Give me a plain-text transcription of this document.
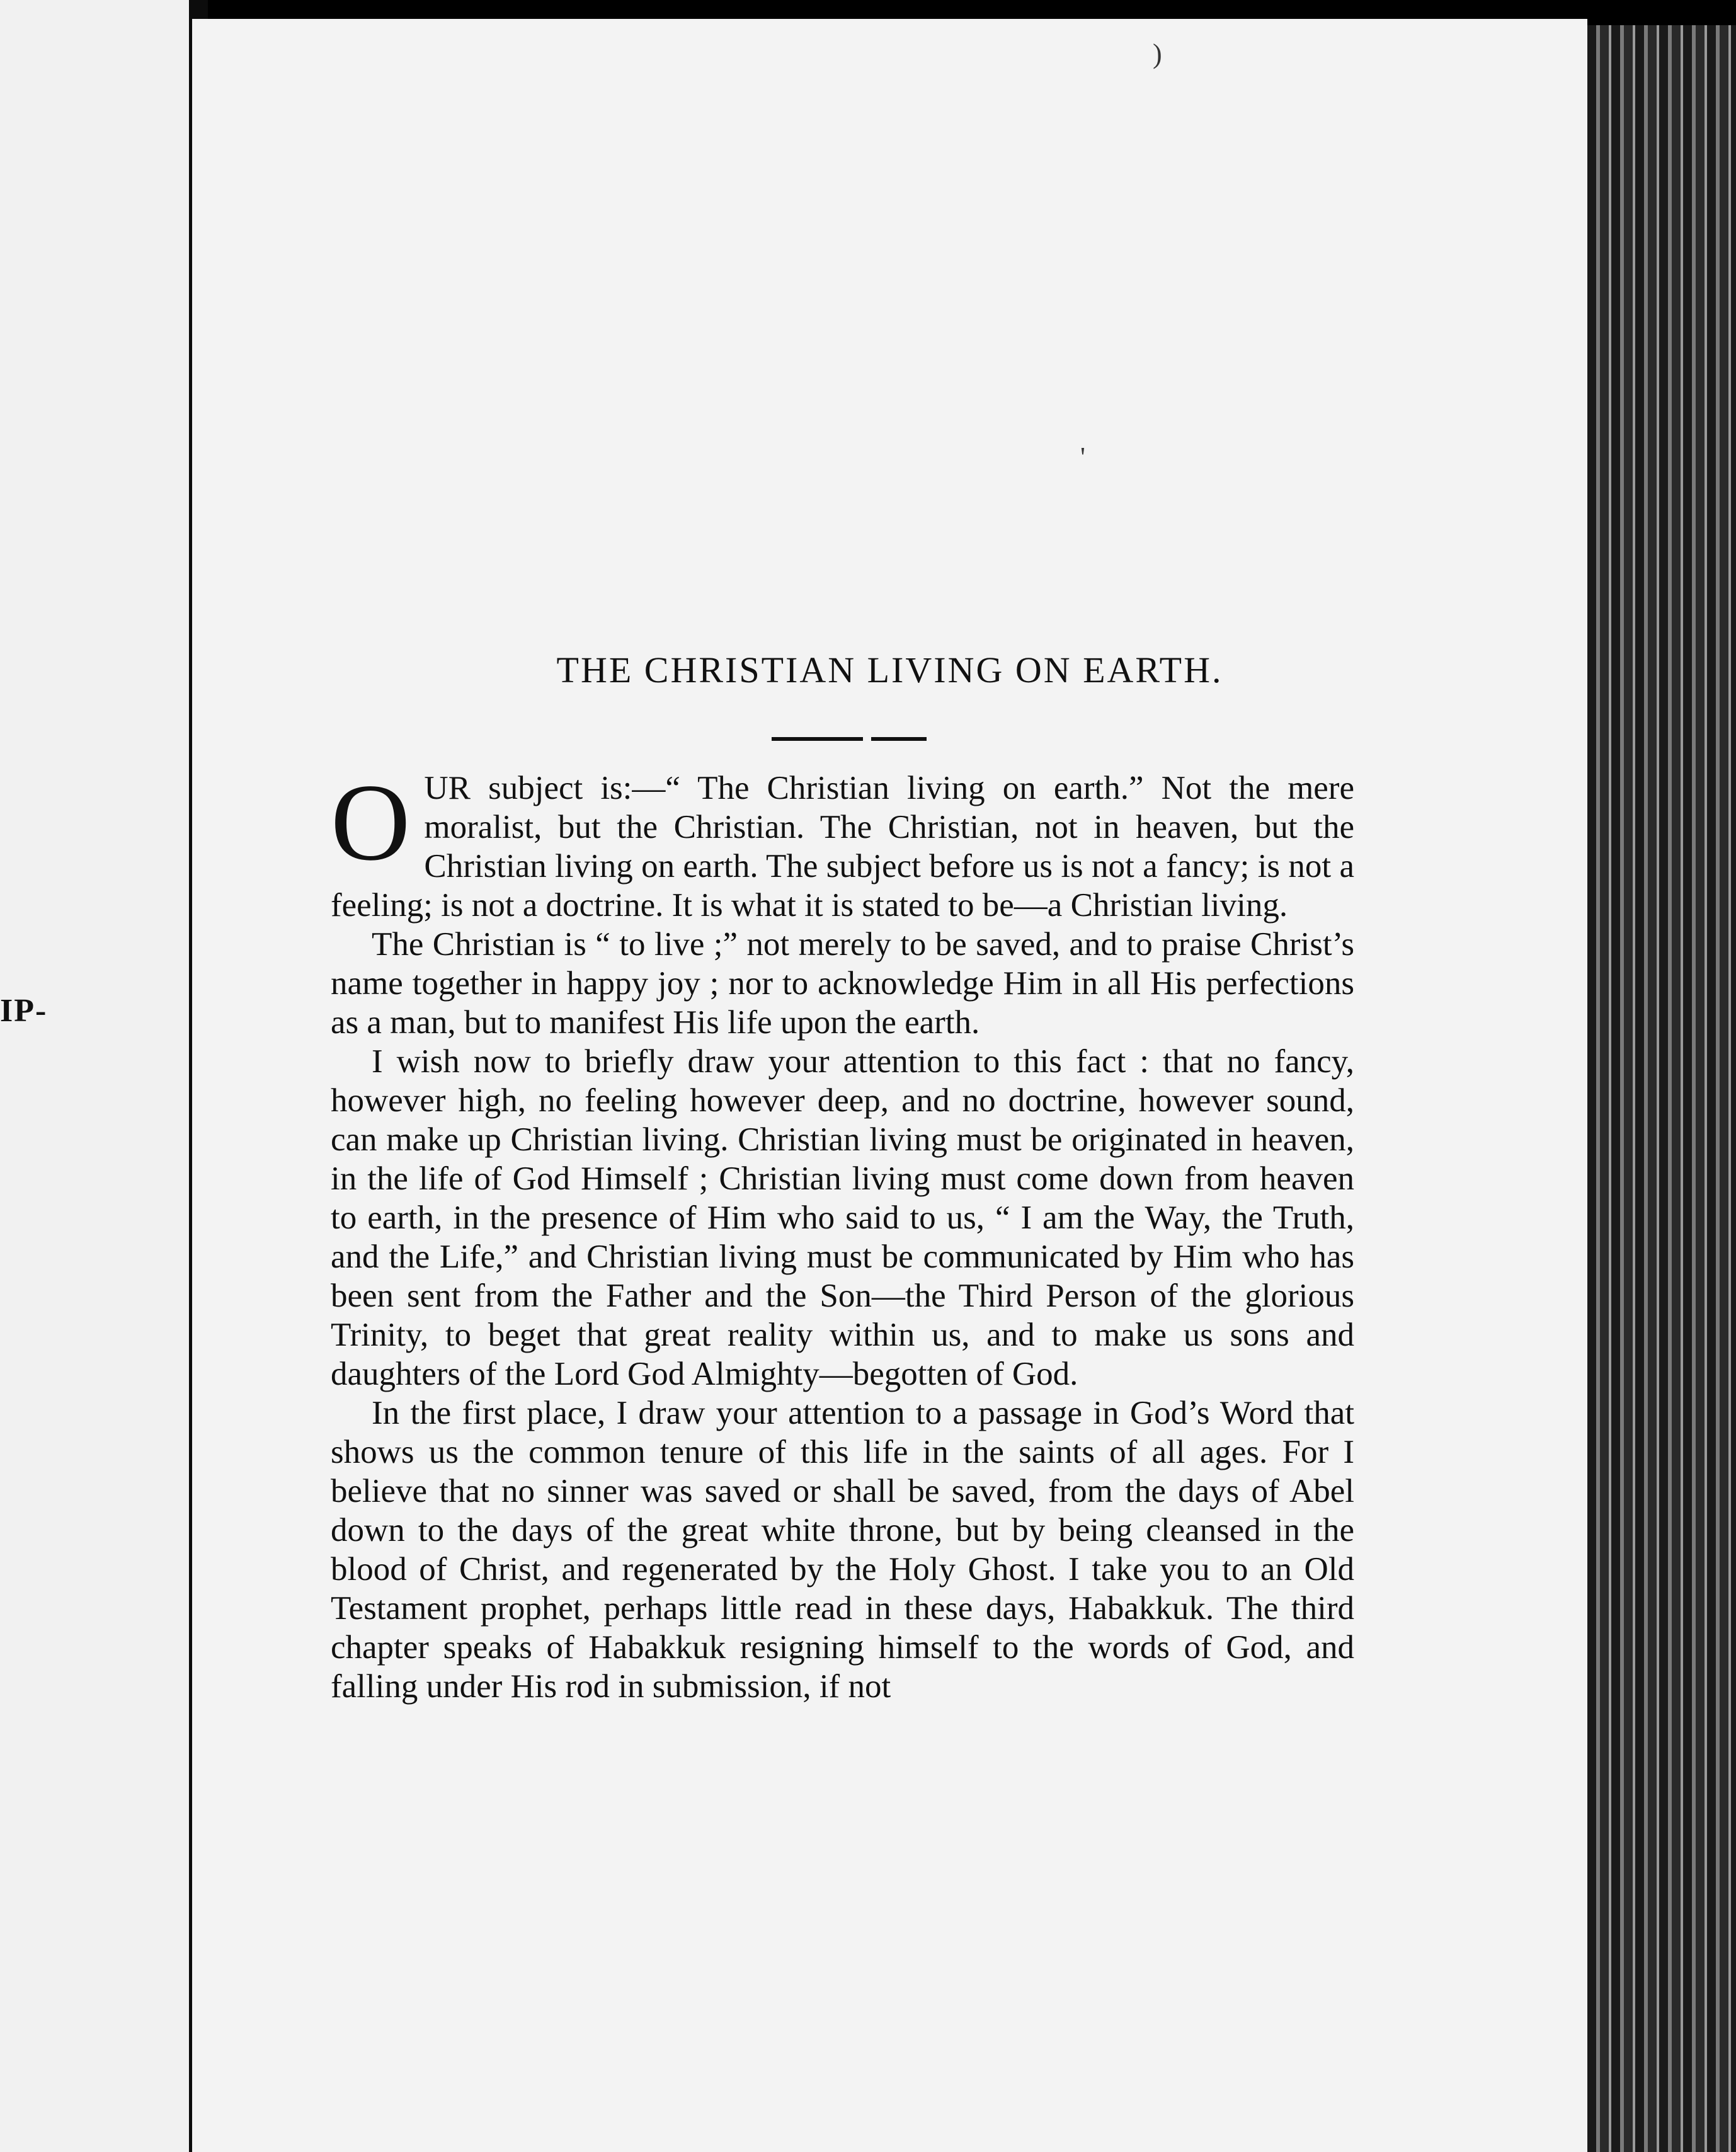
IP-
)
'
THE CHRISTIAN LIVING ON EARTH.

O UR subject is:—“ The Christian living on earth.” Not the mere moralist, but the Christian. The Christian, not in heaven, but the Christian living on earth. The subject before us is not a fancy; is not a feeling; is not a doctrine. It is what it is stated to be—a Christian living.

The Christian is “ to live ;” not merely to be saved, and to praise Christ’s name together in happy joy ; nor to acknowledge Him in all His perfections as a man, but to manifest His life upon the earth.

I wish now to briefly draw your attention to this fact : that no fancy, however high, no feeling however deep, and no doctrine, however sound, can make up Christian living. Christian living must be originated in heaven, in the life of God Himself ; Christian living must come down from heaven to earth, in the presence of Him who said to us, “ I am the Way, the Truth, and the Life,” and Christian living must be communicated by Him who has been sent from the Father and the Son—the Third Person of the glorious Trinity, to beget that great reality within us, and to make us sons and daughters of the Lord God Almighty—begotten of God.

In the first place, I draw your attention to a passage in God’s Word that shows us the common tenure of this life in the saints of all ages. For I believe that no sinner was saved or shall be saved, from the days of Abel down to the days of the great white throne, but by being cleansed in the blood of Christ, and regenerated by the Holy Ghost. I take you to an Old Testament prophet, perhaps little read in these days, Habakkuk. The third chapter speaks of Habakkuk resigning himself to the words of God, and falling under His rod in submission, if not
